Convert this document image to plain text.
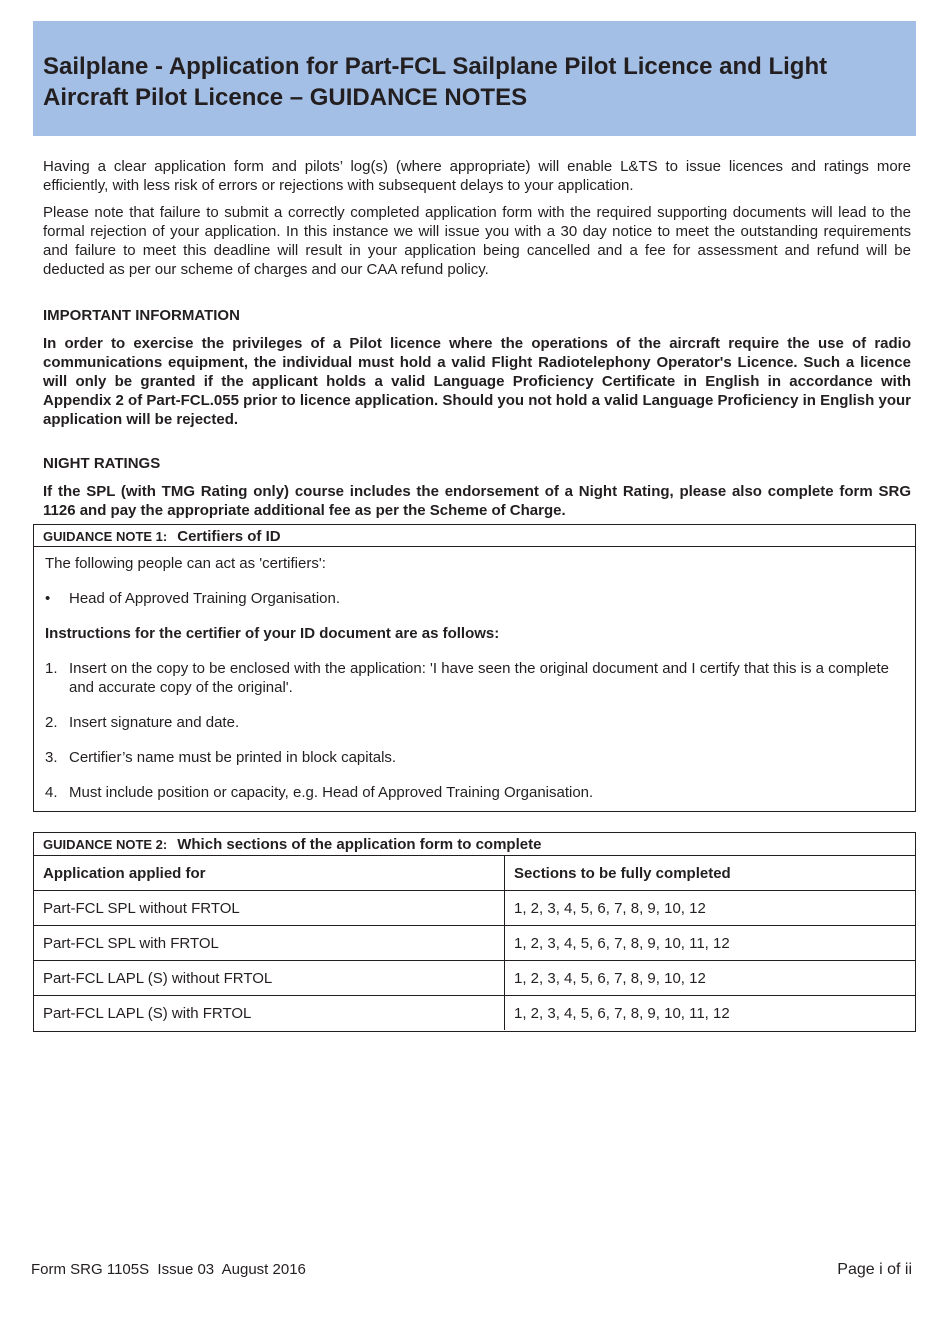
Sailplane - Application for Part-FCL Sailplane Pilot Licence and Light Aircraft Pilot Licence – GUIDANCE NOTES

Having a clear application form and pilots’ log(s) (where appropriate) will enable L&TS to issue licences and ratings more efficiently, with less risk of errors or rejections with subsequent delays to your application.

Please note that failure to submit a correctly completed application form with the required supporting documents will lead to the formal rejection of your application. In this instance we will issue you with a 30 day notice to meet the outstanding requirements and failure to meet this deadline will result in your application being cancelled and a fee for assessment and refund will be deducted as per our scheme of charges and our CAA refund policy.

IMPORTANT INFORMATION

In order to exercise the privileges of a Pilot licence where the operations of the aircraft require the use of radio communications equipment, the individual must hold a valid Flight Radiotelephony Operator's Licence. Such a licence will only be granted if the applicant holds a valid Language Proficiency Certificate in English in accordance with Appendix 2 of Part-FCL.055 prior to licence application. Should you not hold a valid Language Proficiency in English your application will be rejected.

NIGHT RATINGS

If the SPL (with TMG Rating only) course includes the endorsement of a Night Rating, please also complete form SRG 1126 and pay the appropriate additional fee as per the Scheme of Charge.

GUIDANCE NOTE 1: Certifiers of ID
The following people can act as 'certifiers':
• Head of Approved Training Organisation.
Instructions for the certifier of your ID document are as follows:
1. Insert on the copy to be enclosed with the application: 'I have seen the original document and I certify that this is a complete and accurate copy of the original'.
2. Insert signature and date.
3. Certifier’s name must be printed in block capitals.
4. Must include position or capacity, e.g. Head of Approved Training Organisation.
GUIDANCE NOTE 2: Which sections of the application form to complete
Application applied for	Sections to be fully completed
Part-FCL SPL without FRTOL	1, 2, 3, 4, 5, 6, 7, 8, 9, 10, 12
Part-FCL SPL with FRTOL	1, 2, 3, 4, 5, 6, 7, 8, 9, 10, 11, 12
Part-FCL LAPL (S) without FRTOL	1, 2, 3, 4, 5, 6, 7, 8, 9, 10, 12
Part-FCL LAPL (S) with FRTOL	1, 2, 3, 4, 5, 6, 7, 8, 9, 10, 11, 12
Form SRG 1105S  Issue 03  August 2016	Page i of ii
